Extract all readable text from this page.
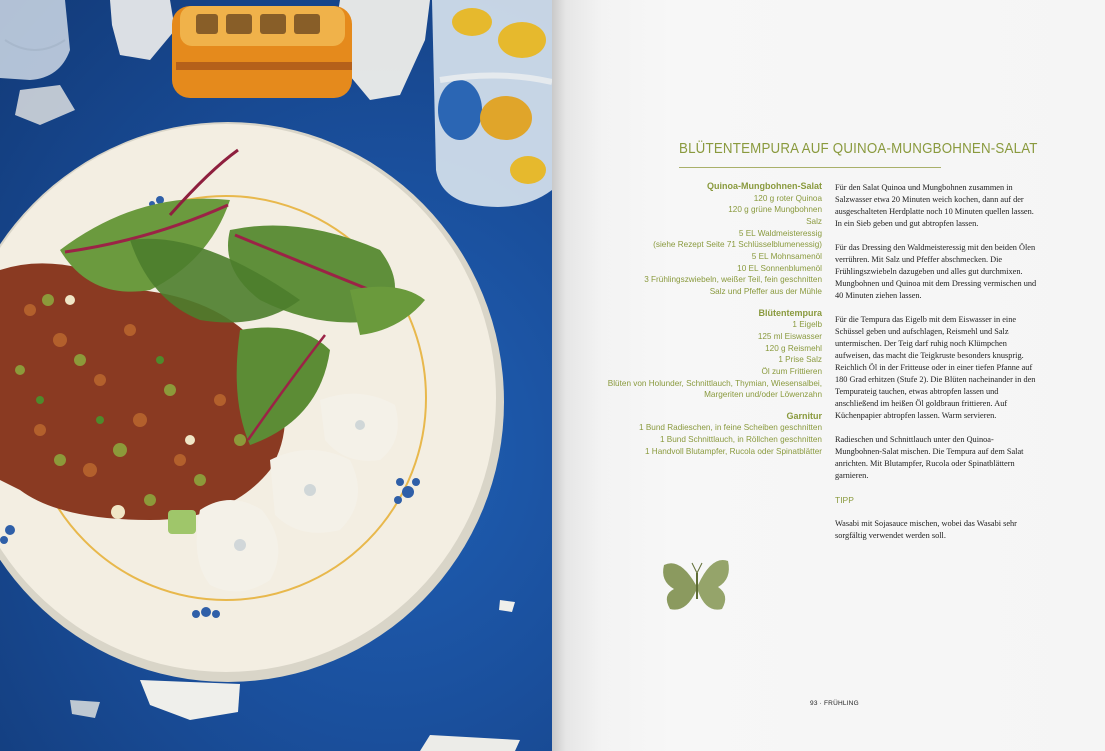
BLÜTENTEMPURA AUF QUINOA-MUNGBOHNEN-SALAT

Quinoa-Mungbohnen-Salat

120 g roter Quinoa

120 g grüne Mungbohnen

Salz

5 EL Waldmeisteressig

(siehe Rezept Seite 71 Schlüsselblumenessig)

5 EL Mohnsamenöl

10 EL Sonnenblumenöl

3 Frühlingszwiebeln, weißer Teil, fein geschnitten

Salz und Pfeffer aus der Mühle

Blütentempura

1 Eigelb

125 ml Eiswasser

120 g Reismehl

1 Prise Salz

Öl zum Frittieren

Blüten von Holunder, Schnittlauch, Thymian, Wiesensalbei,

Margeriten und/oder Löwenzahn

Garnitur

1 Bund Radieschen, in feine Scheiben geschnitten

1 Bund Schnittlauch, in Röllchen geschnitten

1 Handvoll Blutampfer, Rucola oder Spinatblätter

Für den Salat Quinoa und Mungbohnen zusammen in Salzwasser etwa 20 Minuten weich kochen, dann auf der ausgeschalteten Herdplatte noch 10 Minuten quellen lassen. In ein Sieb geben und gut abtropfen lassen.

Für das Dressing den Waldmeisteressig mit den beiden Ölen verrühren. Mit Salz und Pfeffer abschmecken. Die Frühlingszwiebeln dazugeben und alles gut durchmixen. Mungbohnen und Quinoa mit dem Dressing vermischen und 40 Minuten ziehen lassen.

Für die Tempura das Eigelb mit dem Eiswasser in eine Schüssel geben und aufschlagen, Reismehl und Salz untermischen. Der Teig darf ruhig noch Klümpchen aufweisen, das macht die Teigkruste besonders knusprig. Reichlich Öl in der Fritteuse oder in einer tiefen Pfanne auf 180 Grad erhitzen (Stufe 2). Die Blüten nacheinander in den Tempurateig tauchen, etwas abtropfen lassen und anschließend im heißen Öl goldbraun frittieren. Auf Küchenpapier abtropfen lassen. Warm servieren.

Radieschen und Schnittlauch unter den Quinoa-Mungbohnen-Salat mischen. Die Tempura auf dem Salat anrichten. Mit Blutampfer, Rucola oder Spinatblättern garnieren.

TIPP

Wasabi mit Sojasauce mischen, wobei das Wasabi sehr sorgfältig verwendet werden soll.

93 · FRÜHLING
